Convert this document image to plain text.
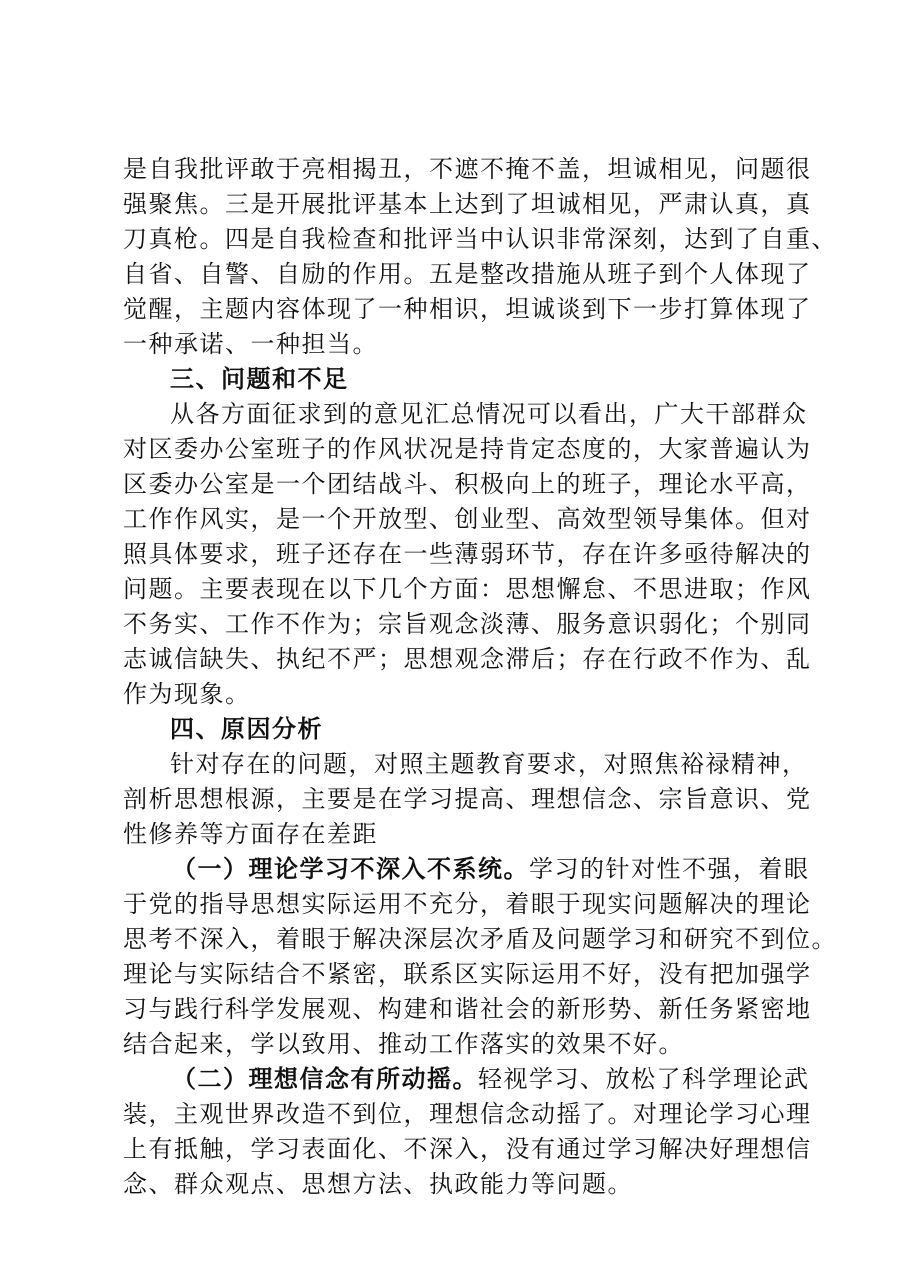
是自我批评敢于亮相揭丑，不遮不掩不盖，坦诚相见，问题很
强聚焦。三是开展批评基本上达到了坦诚相见，严肃认真，真
刀真枪。四是自我检查和批评当中认识非常深刻，达到了自重、
自省、自警、自励的作用。五是整改措施从班子到个人体现了
觉醒，主题内容体现了一种相识，坦诚谈到下一步打算体现了
一种承诺、一种担当。
三、问题和不足
从各方面征求到的意见汇总情况可以看出，广大干部群众
对区委办公室班子的作风状况是持肯定态度的，大家普遍认为
区委办公室是一个团结战斗、积极向上的班子，理论水平高，
工作作风实，是一个开放型、创业型、高效型领导集体。但对
照具体要求，班子还存在一些薄弱环节，存在许多亟待解决的
问题。主要表现在以下几个方面：思想懈怠、不思进取；作风
不务实、工作不作为；宗旨观念淡薄、服务意识弱化；个别同
志诚信缺失、执纪不严；思想观念滞后；存在行政不作为、乱
作为现象。
四、原因分析
针对存在的问题，对照主题教育要求，对照焦裕禄精神，
剖析思想根源，主要是在学习提高、理想信念、宗旨意识、党
性修养等方面存在差距
（一）理论学习不深入不系统。学习的针对性不强，着眼
于党的指导思想实际运用不充分，着眼于现实问题解决的理论
思考不深入，着眼于解决深层次矛盾及问题学习和研究不到位。
理论与实际结合不紧密，联系区实际运用不好，没有把加强学
习与践行科学发展观、构建和谐社会的新形势、新任务紧密地
结合起来，学以致用、推动工作落实的效果不好。
（二）理想信念有所动摇。轻视学习、放松了科学理论武
装，主观世界改造不到位，理想信念动摇了。对理论学习心理
上有抵触，学习表面化、不深入，没有通过学习解决好理想信
念、群众观点、思想方法、执政能力等问题。
